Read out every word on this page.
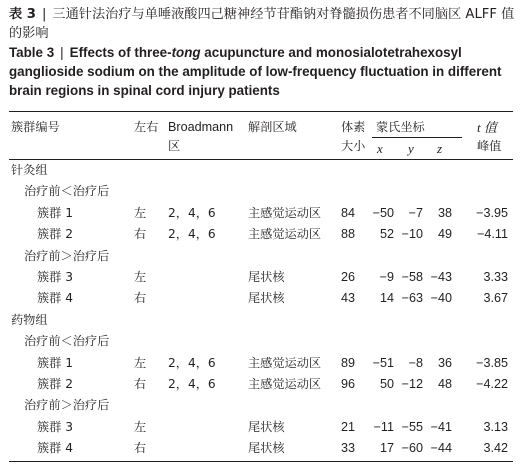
表 3 | 三通针法治疗与单唾液酸四己糖神经节苷酯钠对脊髓损伤患者不同脑区 ALFF 值的影响
Table 3 | Effects of three-tong acupuncture and monosialotetrahexosyl ganglioside sodium on the amplitude of low-frequency fluctuation in different brain regions in spinal cord injury patients
簇群编号	左右 Broadmann
区
解剖区域	体素
大小
蒙氏坐标
x y z
t 值
峰值
针灸组
治疗前＜治疗后
簇群 1	左 2，4，6	主感觉运动区 84	−50	−7	38	−3.95
簇群 2	右 2，4，6	主感觉运动区 88	52 −10	49	−4.11
治疗前＞治疗后
簇群 3	左	尾状核	26	−9 −58 −43	3.33
簇群 4	右	尾状核	43	14 −63 −40	3.67
药物组
治疗前＜治疗后
簇群 1	左 2，4，6	主感觉运动区 89	−51	−8	36	−3.85
簇群 2	右 2，4，6	主感觉运动区 96	50 −12	48	−4.22
治疗前＞治疗后
簇群 3	左	尾状核	21	−11 −55 −41	3.13
簇群 4	右	尾状核	33	17 −60 −44	3.42
